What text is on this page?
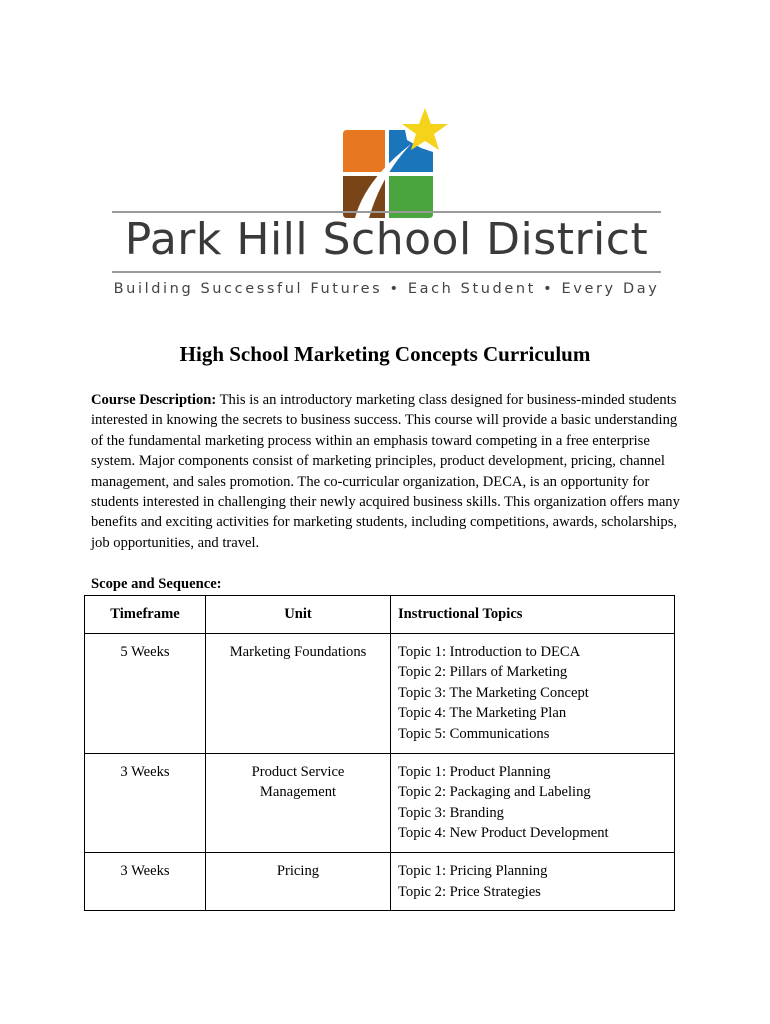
Park Hill School District
Building Successful Futures • Each Student • Every Day
High School Marketing Concepts Curriculum
Course Description: This is an introductory marketing class designed for business-minded students interested in knowing the secrets to business success. This course will provide a basic understanding of the fundamental marketing process within an emphasis toward competing in a free enterprise system. Major components consist of marketing principles, product development, pricing, channel management, and sales promotion. The co-curricular organization, DECA, is an opportunity for students interested in challenging their newly acquired business skills. This organization offers many benefits and exciting activities for marketing students, including competitions, awards, scholarships, job opportunities, and travel.
Scope and Sequence:
Timeframe	Unit	Instructional Topics
5 Weeks	Marketing Foundations	Topic 1: Introduction to DECA
Topic 2: Pillars of Marketing
Topic 3: The Marketing Concept
Topic 4: The Marketing Plan
Topic 5: Communications

3 Weeks	Product Service Management	Topic 1: Product Planning
Topic 2: Packaging and Labeling
Topic 3: Branding
Topic 4: New Product Development

3 Weeks	Pricing	Topic 1: Pricing Planning
Topic 2: Price Strategies
